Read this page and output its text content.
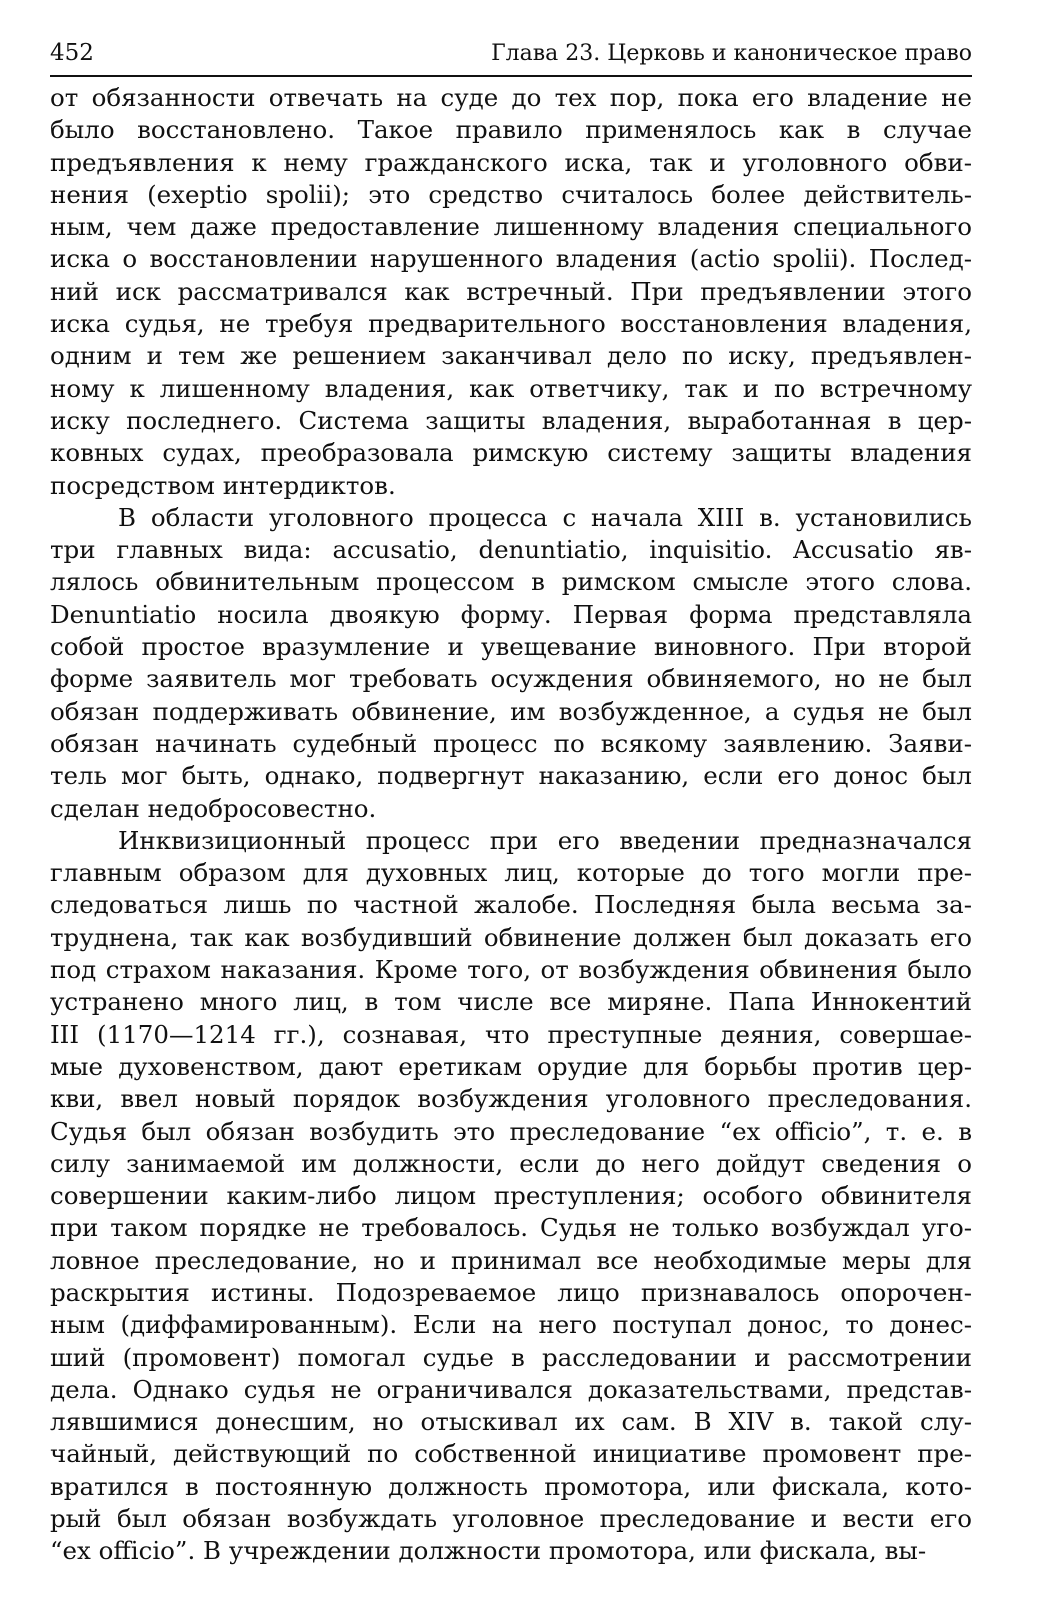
452	Глава 23. Церковь и каноническое право
от обязанности отвечать на суде до тех пор, пока его владение не
было восстановлено. Такое правило применялось как в случае
предъявления к нему гражданского иска, так и уголовного обви-
нения (exeptio spolii); это средство считалось более действитель-
ным, чем даже предоставление лишенному владения специального
иска о восстановлении нарушенного владения (actio spolii). Послед-
ний иск рассматривался как встречный. При предъявлении этого
иска судья, не требуя предварительного восстановления владения,
одним и тем же решением заканчивал дело по иску, предъявлен-
ному к лишенному владения, как ответчику, так и по встречному
иску последнего. Система защиты владения, выработанная в цер-
ковных судах, преобразовала римскую систему защиты владения
посредством интердиктов.
В области уголовного процесса с начала XIII в. установились
три главных вида: accusatio, denuntiatio, inquisitio. Accusatio яв-
лялось обвинительным процессом в римском смысле этого слова.
Denuntiatio носила двоякую форму. Первая форма представляла
собой простое вразумление и увещевание виновного. При второй
форме заявитель мог требовать осуждения обвиняемого, но не был
обязан поддерживать обвинение, им возбужденное, а судья не был
обязан начинать судебный процесс по всякому заявлению. Заяви-
тель мог быть, однако, подвергнут наказанию, если его донос был
сделан недобросовестно.
Инквизиционный процесс при его введении предназначался
главным образом для духовных лиц, которые до того могли пре-
следоваться лишь по частной жалобе. Последняя была весьма за-
труднена, так как возбудивший обвинение должен был доказать его
под страхом наказания. Кроме того, от возбуждения обвинения было
устранено много лиц, в том числе все миряне. Папа Иннокентий
III (1170—1214 гг.), сознавая, что преступные деяния, совершае-
мые духовенством, дают еретикам орудие для борьбы против цер-
кви, ввел новый порядок возбуждения уголовного преследования.
Судья был обязан возбудить это преследование “ex officio”, т. е. в
силу занимаемой им должности, если до него дойдут сведения о
совершении каким-либо лицом преступления; особого обвинителя
при таком порядке не требовалось. Судья не только возбуждал уго-
ловное преследование, но и принимал все необходимые меры для
раскрытия истины. Подозреваемое лицо признавалось опорочен-
ным (диффамированным). Если на него поступал донос, то донес-
ший (промовент) помогал судье в расследовании и рассмотрении
дела. Однако судья не ограничивался доказательствами, представ-
лявшимися донесшим, но отыскивал их сам. В XIV в. такой слу-
чайный, действующий по собственной инициативе промовент пре-
вратился в постоянную должность промотора, или фискала, кото-
рый был обязан возбуждать уголовное преследование и вести его
“ex officio”. В учреждении должности промотора, или фискала, вы-
